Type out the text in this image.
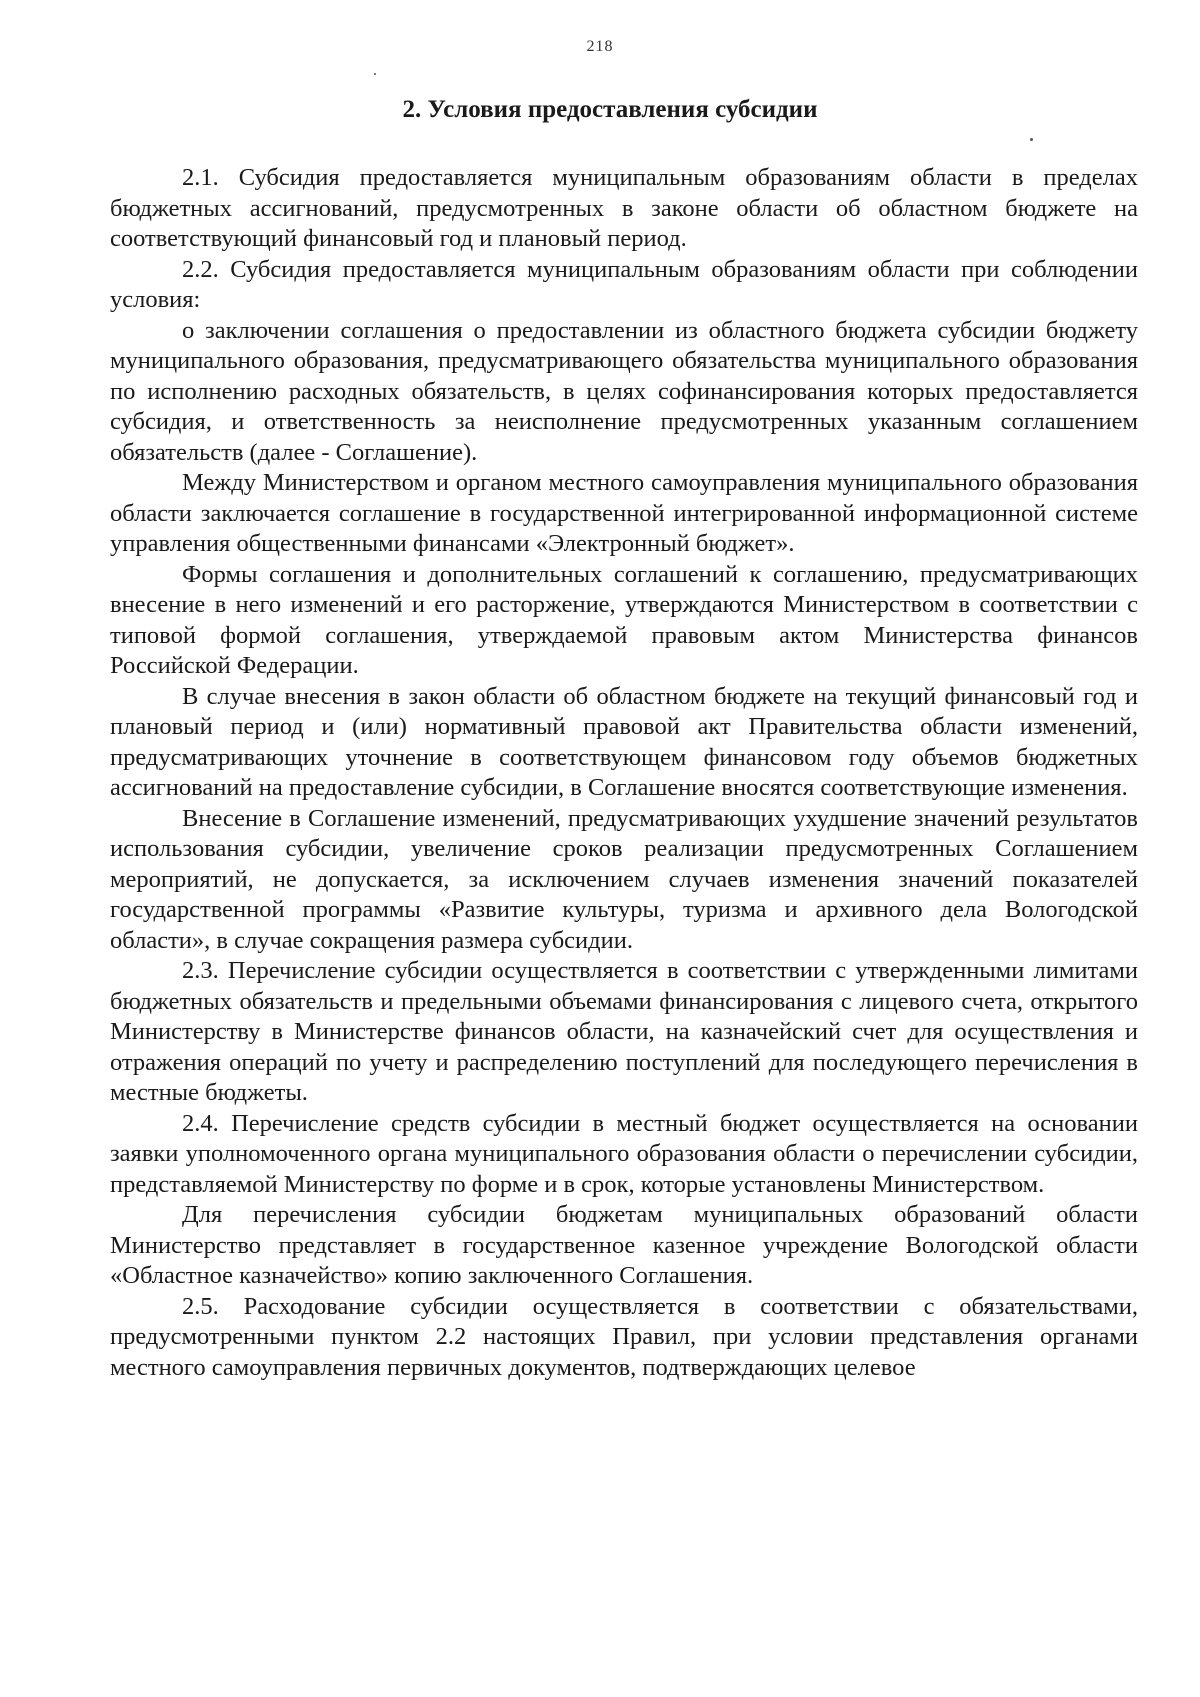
218
2. Условия предоставления субсидии

2.1. Субсидия предоставляется муниципальным образованиям области в пределах бюджетных ассигнований, предусмотренных в законе области об областном бюджете на соответствующий финансовый год и плановый период.

2.2. Субсидия предоставляется муниципальным образованиям области при соблюдении условия:

о заключении соглашения о предоставлении из областного бюджета субсидии бюджету муниципального образования, предусматривающего обязательства муниципального образования по исполнению расходных обязательств, в целях софинансирования которых предоставляется субсидия, и ответственность за неисполнение предусмотренных указанным соглашением обязательств (далее - Соглашение).

Между Министерством и органом местного самоуправления муниципального образования области заключается соглашение в государственной интегрированной информационной системе управления общественными финансами «Электронный бюджет».

Формы соглашения и дополнительных соглашений к соглашению, предусматривающих внесение в него изменений и его расторжение, утверждаются Министерством в соответствии с типовой формой соглашения, утверждаемой правовым актом Министерства финансов Российской Федерации.

В случае внесения в закон области об областном бюджете на текущий финансовый год и плановый период и (или) нормативный правовой акт Правительства области изменений, предусматривающих уточнение в соответствующем финансовом году объемов бюджетных ассигнований на предоставление субсидии, в Соглашение вносятся соответствующие изменения.

Внесение в Соглашение изменений, предусматривающих ухудшение значений результатов использования субсидии, увеличение сроков реализации предусмотренных Соглашением мероприятий, не допускается, за исключением случаев изменения значений показателей государственной программы «Развитие культуры, туризма и архивного дела Вологодской области», в случае сокращения размера субсидии.

2.3. Перечисление субсидии осуществляется в соответствии с утвержденными лимитами бюджетных обязательств и предельными объемами финансирования с лицевого счета, открытого Министерству в Министерстве финансов области, на казначейский счет для осуществления и отражения операций по учету и распределению поступлений для последующего перечисления в местные бюджеты.

2.4. Перечисление средств субсидии в местный бюджет осуществляется на основании заявки уполномоченного органа муниципального образования области о перечислении субсидии, представляемой Министерству по форме и в срок, которые установлены Министерством.

Для перечисления субсидии бюджетам муниципальных образований области Министерство представляет в государственное казенное учреждение Вологодской области «Областное казначейство» копию заключенного Соглашения.

2.5. Расходование субсидии осуществляется в соответствии с обязательствами, предусмотренными пунктом 2.2 настоящих Правил, при условии представления органами местного самоуправления первичных документов, подтверждающих целевое
